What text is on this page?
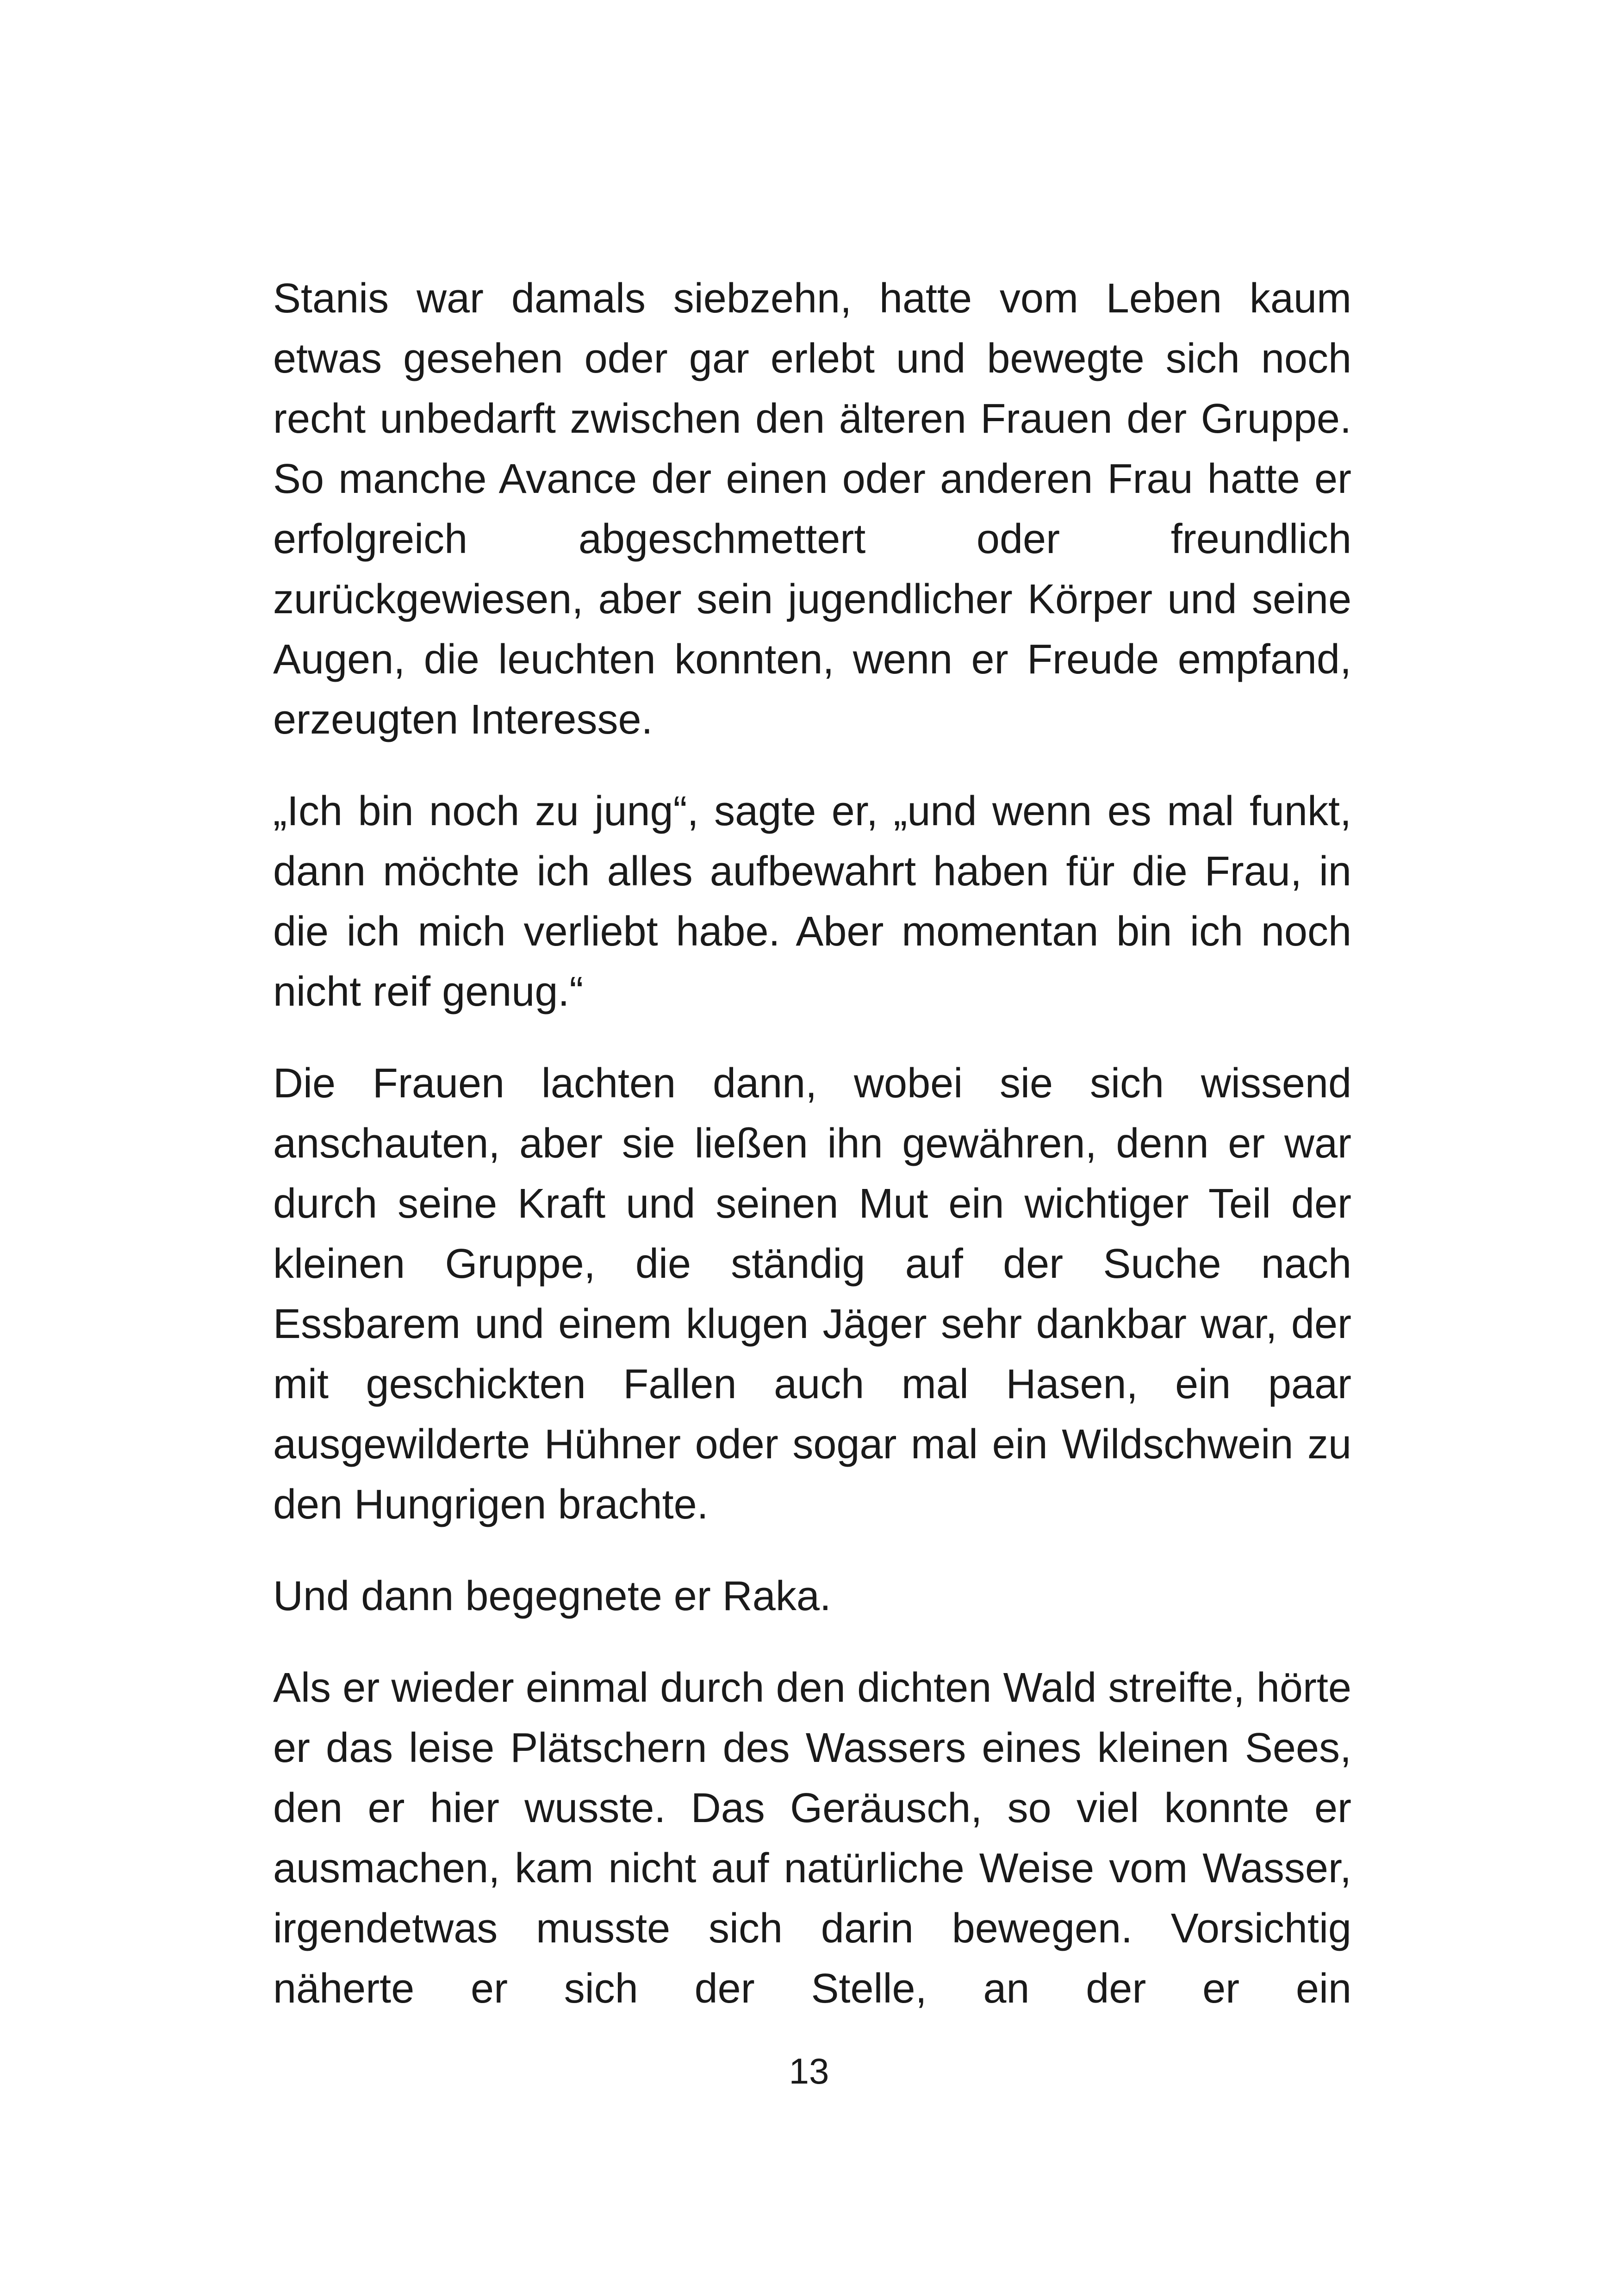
Stanis war damals siebzehn, hatte vom Leben kaum etwas gesehen oder gar erlebt und bewegte sich noch recht unbedarft zwischen den älteren Frauen der Gruppe. So manche Avance der einen oder anderen Frau hatte er erfolgreich abgeschmettert oder freundlich zurückgewiesen, aber sein jugendlicher Körper und seine Augen, die leuchten konnten, wenn er Freude empfand, erzeugten Interesse.

„Ich bin noch zu jung“, sagte er, „und wenn es mal funkt, dann möchte ich alles aufbewahrt haben für die Frau, in die ich mich verliebt habe. Aber momentan bin ich noch nicht reif genug.“

Die Frauen lachten dann, wobei sie sich wissend anschauten, aber sie ließen ihn gewähren, denn er war durch seine Kraft und seinen Mut ein wichtiger Teil der kleinen Gruppe, die ständig auf der Suche nach Essbarem und einem klugen Jäger sehr dankbar war, der mit geschickten Fallen auch mal Hasen, ein paar ausgewilderte Hühner oder sogar mal ein Wildschwein zu den Hungrigen brachte.

Und dann begegnete er Raka.

Als er wieder einmal durch den dichten Wald streifte, hörte er das leise Plätschern des Wassers eines kleinen Sees, den er hier wusste. Das Geräusch, so viel konnte er ausmachen, kam nicht auf natürliche Weise vom Wasser, irgendetwas musste sich darin bewegen. Vorsichtig näherte er sich der Stelle, an der er ein

13
